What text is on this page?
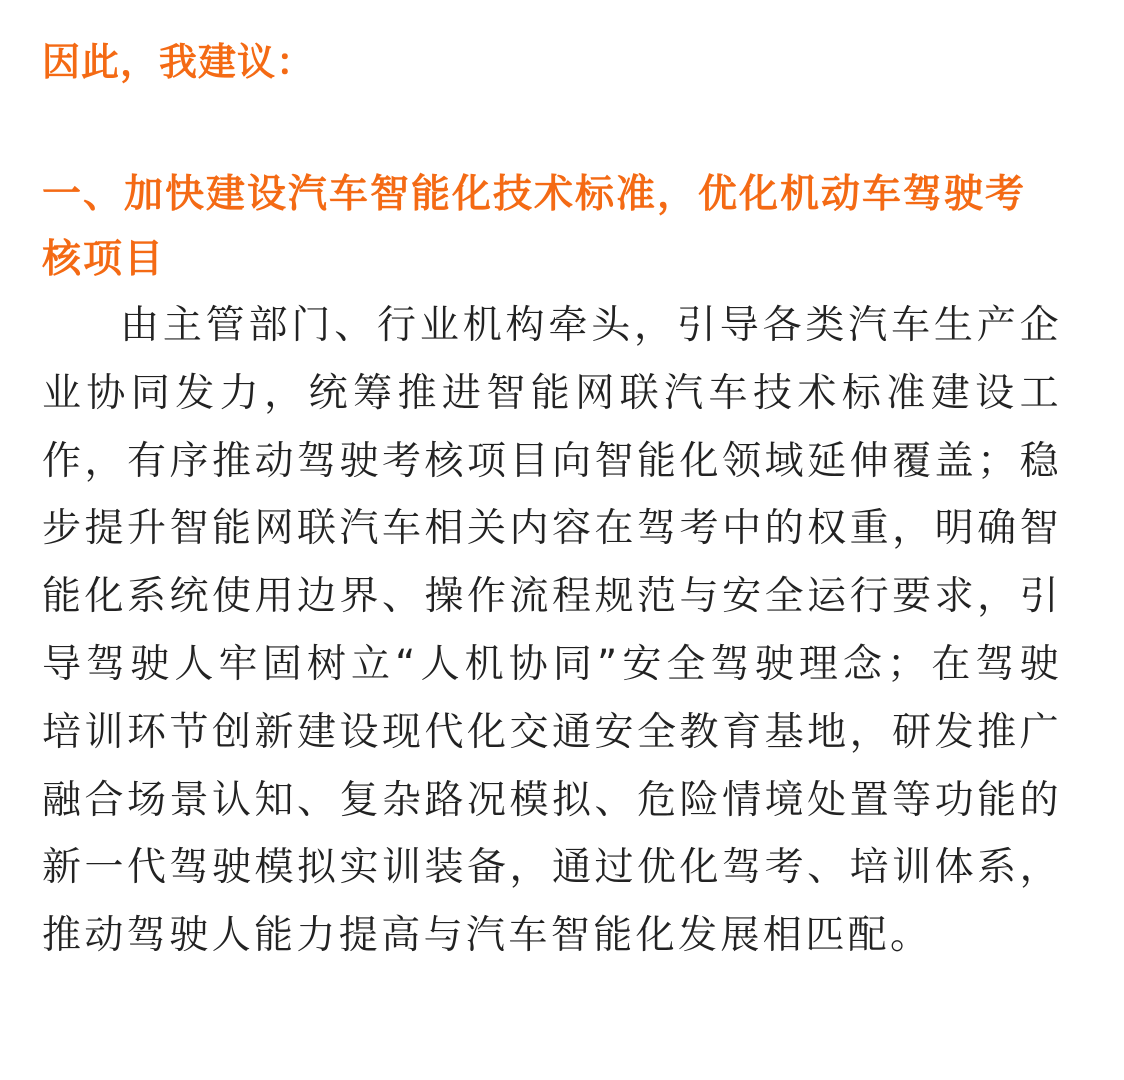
因此，我建议：

一、加快建设汽车智能化技术标准，优化机动车驾驶考核项目

由主管部门、行业机构牵头，引导各类汽车生产企业协同发力，统筹推进智能网联汽车技术标准建设工作，有序推动驾驶考核项目向智能化领域延伸覆盖；稳步提升智能网联汽车相关内容在驾考中的权重，明确智能化系统使用边界、操作流程规范与安全运行要求，引导驾驶人牢固树立“人机协同”安全驾驶理念；在驾驶培训环节创新建设现代化交通安全教育基地，研发推广融合场景认知、复杂路况模拟、危险情境处置等功能的新一代驾驶模拟实训装备，通过优化驾考、培训体系，推动驾驶人能力提高与汽车智能化发展相匹配。
